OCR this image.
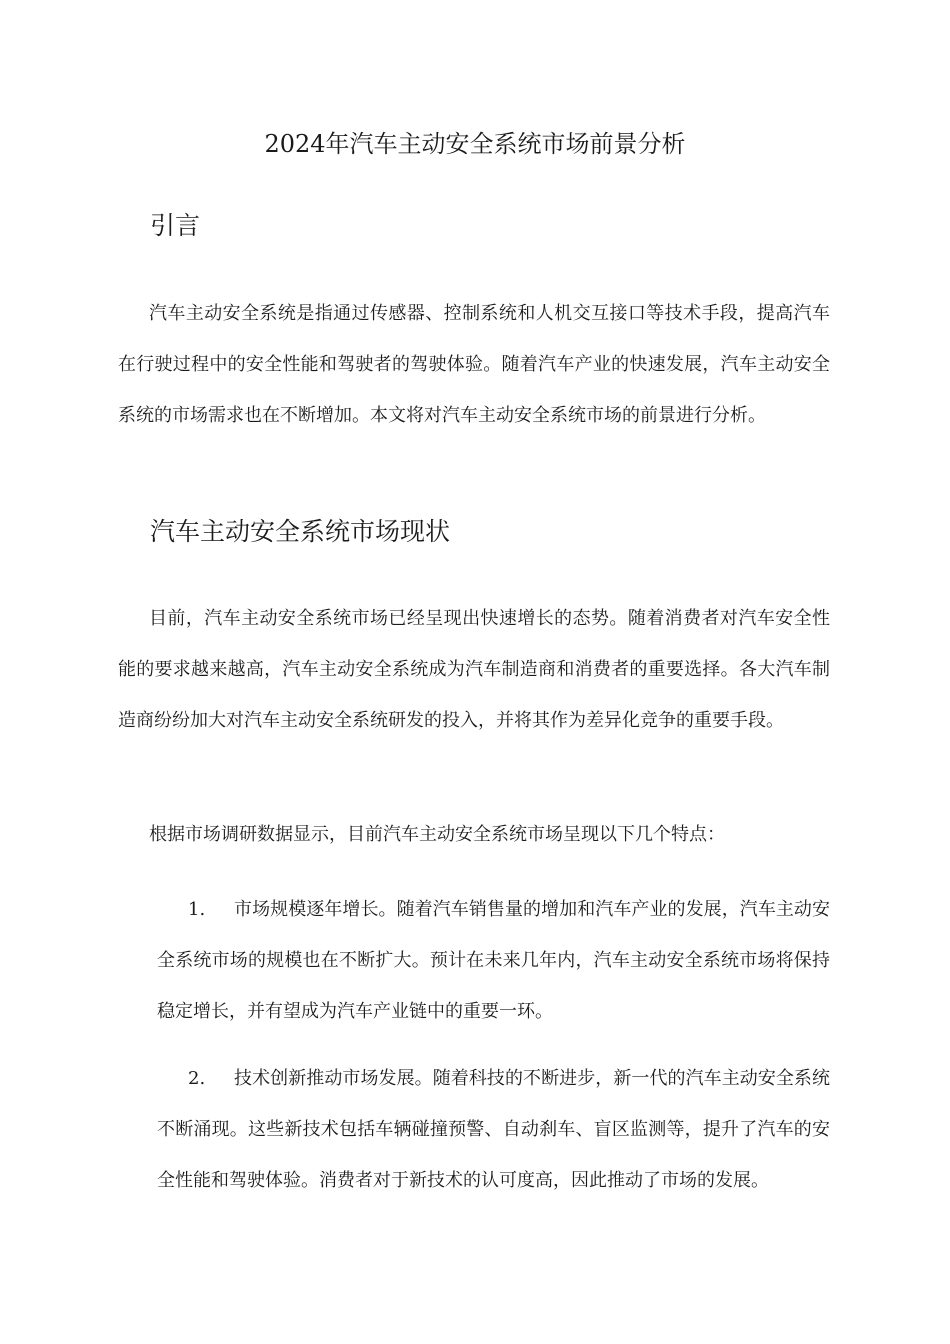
2024年汽车主动安全系统市场前景分析
引言

汽车主动安全系统是指通过传感器、控制系统和人机交互接口等技术手段，提高汽车在行驶过程中的安全性能和驾驶者的驾驶体验。随着汽车产业的快速发展，汽车主动安全系统的市场需求也在不断增加。本文将对汽车主动安全系统市场的前景进行分析。

汽车主动安全系统市场现状

目前，汽车主动安全系统市场已经呈现出快速增长的态势。随着消费者对汽车安全性能的要求越来越高，汽车主动安全系统成为汽车制造商和消费者的重要选择。各大汽车制造商纷纷加大对汽车主动安全系统研发的投入，并将其作为差异化竞争的重要手段。

根据市场调研数据显示，目前汽车主动安全系统市场呈现以下几个特点：

1. 市场规模逐年增长。随着汽车销售量的增加和汽车产业的发展，汽车主动安全系统市场的规模也在不断扩大。预计在未来几年内，汽车主动安全系统市场将保持稳定增长，并有望成为汽车产业链中的重要一环。

2. 技术创新推动市场发展。随着科技的不断进步，新一代的汽车主动安全系统不断涌现。这些新技术包括车辆碰撞预警、自动刹车、盲区监测等，提升了汽车的安全性能和驾驶体验。消费者对于新技术的认可度高，因此推动了市场的发展。
